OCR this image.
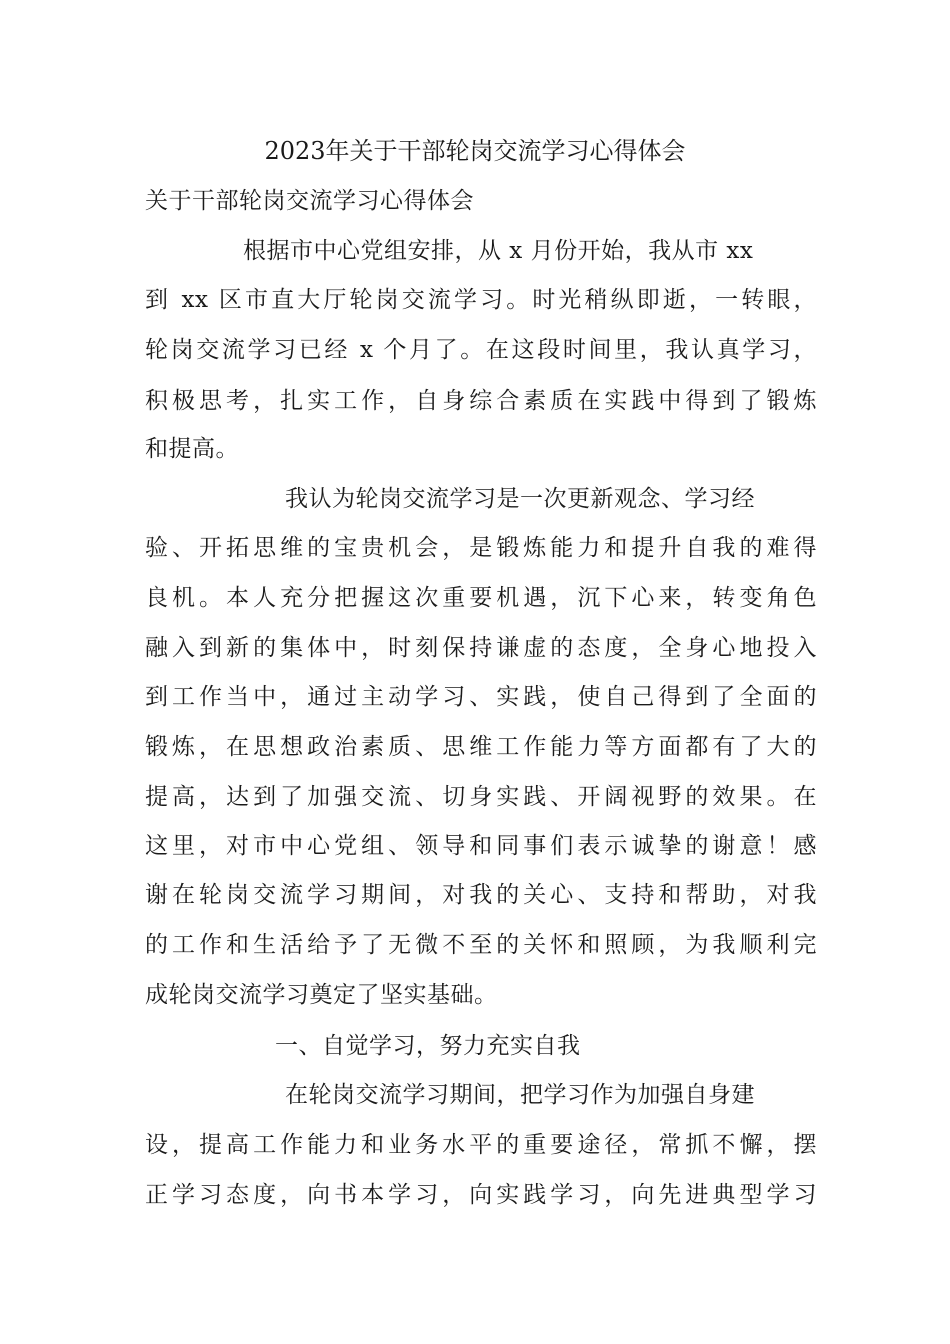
2023年关于干部轮岗交流学习心得体会
关于干部轮岗交流学习心得体会
根据市中心党组安排，从 x 月份开始，我从市 xx
到 xx 区市直大厅轮岗交流学习。时光稍纵即逝，一转眼，
轮岗交流学习已经 x 个月了。在这段时间里，我认真学习，
积极思考，扎实工作，自身综合素质在实践中得到了锻炼
和提高。
我认为轮岗交流学习是一次更新观念、学习经
验、开拓思维的宝贵机会，是锻炼能力和提升自我的难得
良机。本人充分把握这次重要机遇，沉下心来，转变角色
融入到新的集体中，时刻保持谦虚的态度，全身心地投入
到工作当中，通过主动学习、实践，使自己得到了全面的
锻炼，在思想政治素质、思维工作能力等方面都有了大的
提高，达到了加强交流、切身实践、开阔视野的效果。在
这里，对市中心党组、领导和同事们表示诚挚的谢意！感
谢在轮岗交流学习期间，对我的关心、支持和帮助，对我
的工作和生活给予了无微不至的关怀和照顾，为我顺利完
成轮岗交流学习奠定了坚实基础。
一、自觉学习，努力充实自我
在轮岗交流学习期间，把学习作为加强自身建
设，提高工作能力和业务水平的重要途径，常抓不懈，摆
正学习态度，向书本学习，向实践学习，向先进典型学习
